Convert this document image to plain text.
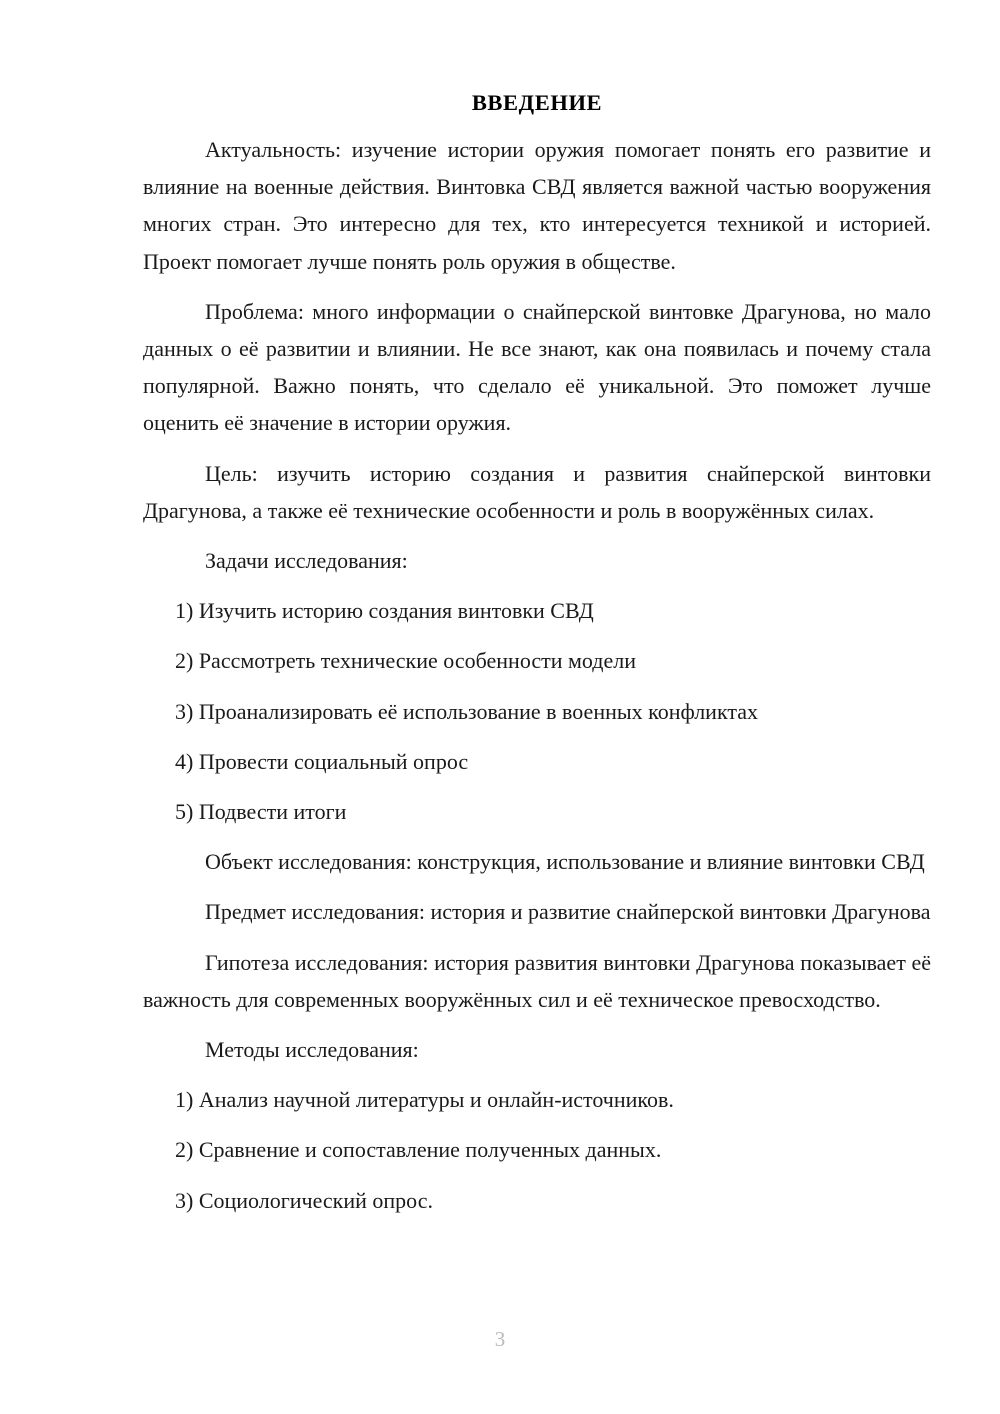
ВВЕДЕНИЕ

Актуальность: изучение истории оружия помогает понять его развитие и влияние на военные действия. Винтовка СВД является важной частью вооружения многих стран. Это интересно для тех, кто интересуется техникой и историей. Проект помогает лучше понять роль оружия в обществе.

Проблема: много информации о снайперской винтовке Драгунова, но мало данных о её развитии и влиянии. Не все знают, как она появилась и почему стала популярной. Важно понять, что сделало её уникальной. Это поможет лучше оценить её значение в истории оружия.

Цель: изучить историю создания и развития снайперской винтовки Драгунова, а также её технические особенности и роль в вооружённых силах.

Задачи исследования:

1) Изучить историю создания винтовки СВД

2) Рассмотреть технические особенности модели

3) Проанализировать её использование в военных конфликтах

4) Провести социальный опрос

5) Подвести итоги

Объект исследования: конструкция, использование и влияние винтовки СВД

Предмет исследования: история и развитие снайперской винтовки Драгунова

Гипотеза исследования: история развития винтовки Драгунова показывает её важность для современных вооружённых сил и её техническое превосходство.

Методы исследования:

1) Анализ научной литературы и онлайн-источников.

2) Сравнение и сопоставление полученных данных.

3) Социологический опрос.

3
